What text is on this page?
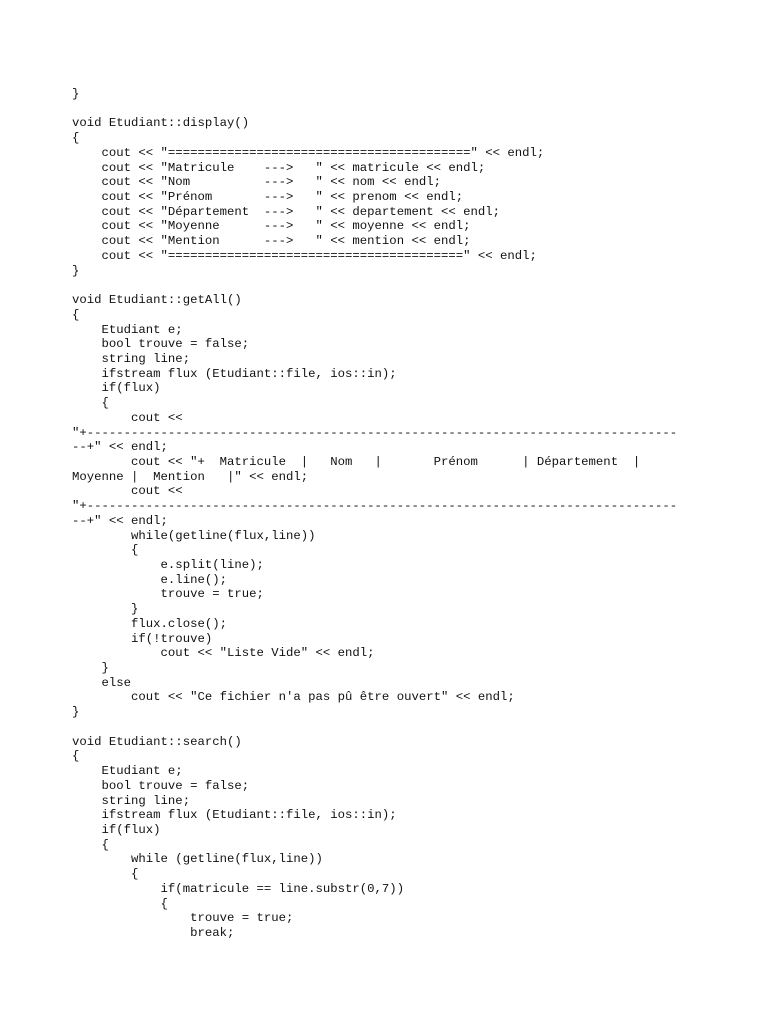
}
void Etudiant::display()
{
cout << "=========================================" << endl;
cout << "Matricule    --->   " << matricule << endl;
cout << "Nom          --->   " << nom << endl;
cout << "Prénom       --->   " << prenom << endl;
cout << "Département  --->   " << departement << endl;
cout << "Moyenne      --->   " << moyenne << endl;
cout << "Mention      --->   " << mention << endl;
cout << "========================================" << endl;
}
void Etudiant::getAll()
{
Etudiant e;
bool trouve = false;
string line;
ifstream flux (Etudiant::file, ios::in);
if(flux)
{
cout <<
"+--------------------------------------------------------------------------------
--+" << endl;
cout << "+  Matricule  |   Nom   |       Prénom      | Département  |
Moyenne |  Mention   |" << endl;
cout <<
"+--------------------------------------------------------------------------------
--+" << endl;
while(getline(flux,line))
{
e.split(line);
e.line();
trouve = true;
}
flux.close();
if(!trouve)
cout << "Liste Vide" << endl;
}
else
cout << "Ce fichier n'a pas pû être ouvert" << endl;
}
void Etudiant::search()
{
Etudiant e;
bool trouve = false;
string line;
ifstream flux (Etudiant::file, ios::in);
if(flux)
{
while (getline(flux,line))
{
if(matricule == line.substr(0,7))
{
trouve = true;
break;
